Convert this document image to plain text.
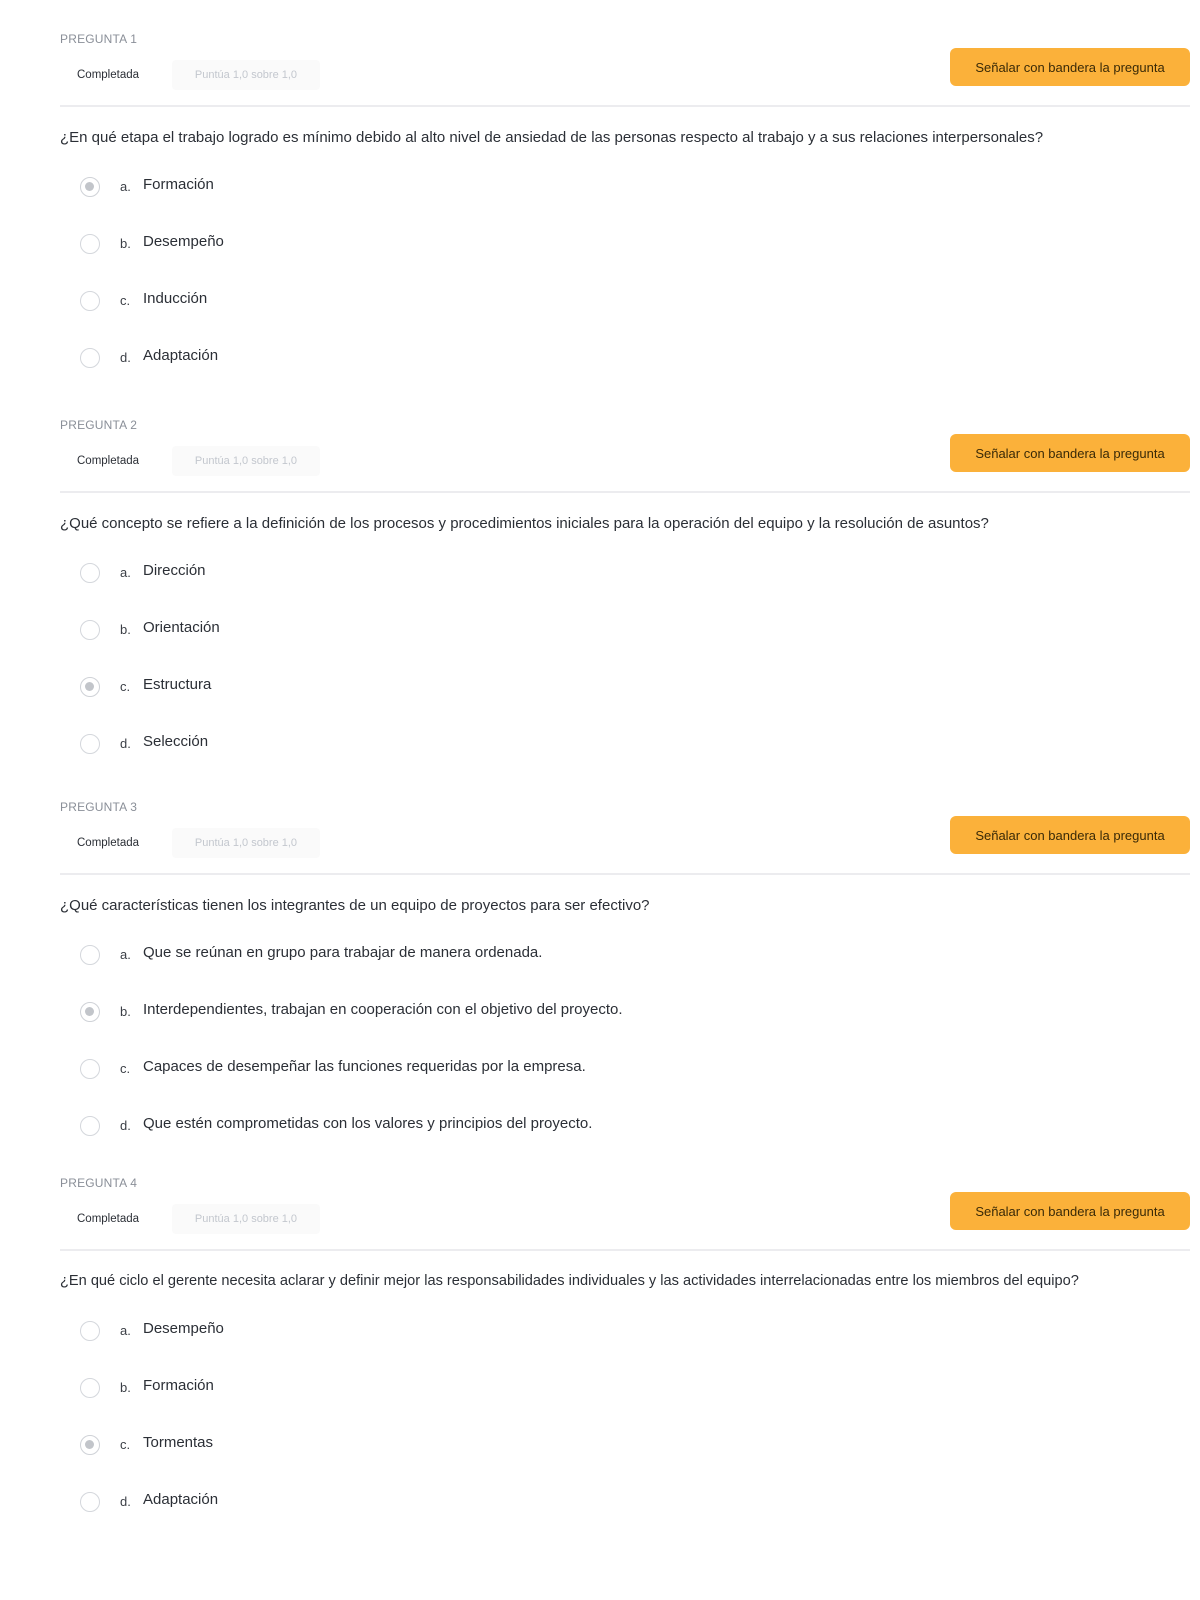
PREGUNTA 1
Completada	Puntúa 1,0 sobre 1,0	Señalar con bandera la pregunta
¿En qué etapa el trabajo logrado es mínimo debido al alto nivel de ansiedad de las personas respecto al trabajo y a sus relaciones interpersonales?
a. Formación
b. Desempeño
c. Inducción
d. Adaptación
PREGUNTA 2
Completada	Puntúa 1,0 sobre 1,0	Señalar con bandera la pregunta
¿Qué concepto se refiere a la definición de los procesos y procedimientos iniciales para la operación del equipo y la resolución de asuntos?
a. Dirección
b. Orientación
c. Estructura
d. Selección
PREGUNTA 3
Completada	Puntúa 1,0 sobre 1,0	Señalar con bandera la pregunta
¿Qué características tienen los integrantes de un equipo de proyectos para ser efectivo?
a. Que se reúnan en grupo para trabajar de manera ordenada.
b. Interdependientes, trabajan en cooperación con el objetivo del proyecto.
c. Capaces de desempeñar las funciones requeridas por la empresa.
d. Que estén comprometidas con los valores y principios del proyecto.
PREGUNTA 4
Completada	Puntúa 1,0 sobre 1,0	Señalar con bandera la pregunta
¿En qué ciclo el gerente necesita aclarar y definir mejor las responsabilidades individuales y las actividades interrelacionadas entre los miembros del equipo?
a. Desempeño
b. Formación
c. Tormentas
d. Adaptación
